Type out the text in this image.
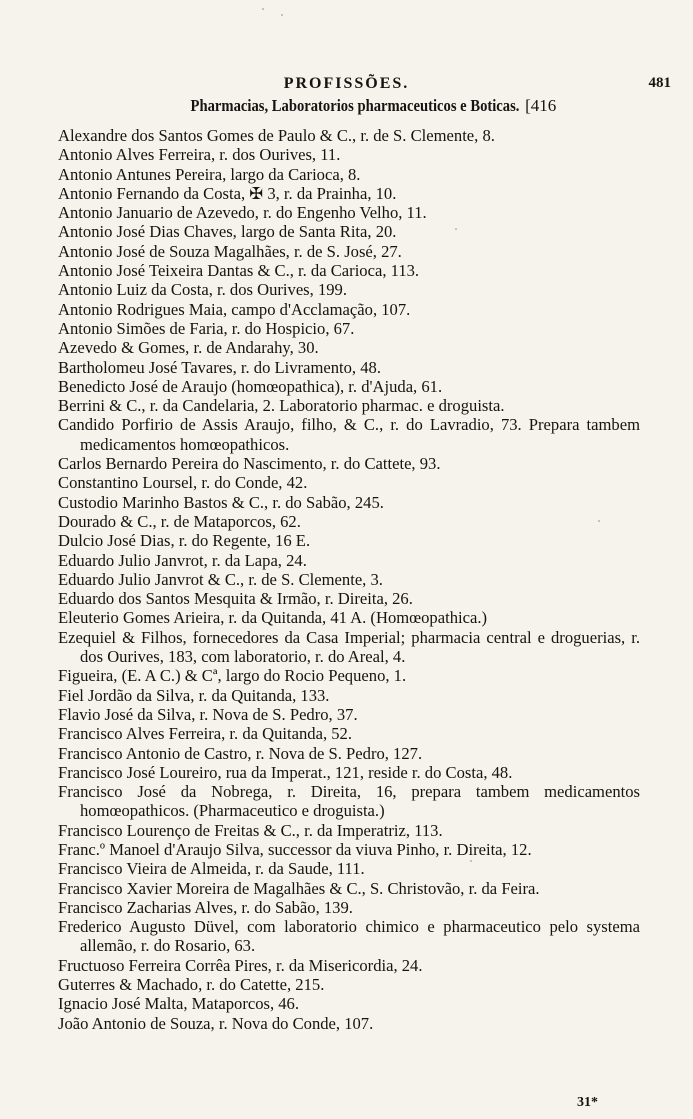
PROFISSÕES.	481
Pharmacias, Laboratorios pharmaceuticos e Boticas. [416
Alexandre dos Santos Gomes de Paulo & C., r. de S. Clemente, 8.
Antonio Alves Ferreira, r. dos Ourives, 11.
Antonio Antunes Pereira, largo da Carioca, 8.
Antonio Fernando da Costa, ✠ 3, r. da Prainha, 10.
Antonio Januario de Azevedo, r. do Engenho Velho, 11.
Antonio José Dias Chaves, largo de Santa Rita, 20.
Antonio José de Souza Magalhães, r. de S. José, 27.
Antonio José Teixeira Dantas & C., r. da Carioca, 113.
Antonio Luiz da Costa, r. dos Ourives, 199.
Antonio Rodrigues Maia, campo d'Acclamação, 107.
Antonio Simões de Faria, r. do Hospicio, 67.
Azevedo & Gomes, r. de Andarahy, 30.
Bartholomeu José Tavares, r. do Livramento, 48.
Benedicto José de Araujo (homœopathica), r. d'Ajuda, 61.
Berrini & C., r. da Candelaria, 2. Laboratorio pharmac. e droguista.
Candido Porfirio de Assis Araujo, filho, & C., r. do Lavradio, 73. Prepara tambem medicamentos homœopathicos.
Carlos Bernardo Pereira do Nascimento, r. do Cattete, 93.
Constantino Loursel, r. do Conde, 42.
Custodio Marinho Bastos & C., r. do Sabão, 245.
Dourado & C., r. de Mataporcos, 62.
Dulcio José Dias, r. do Regente, 16 E.
Eduardo Julio Janvrot, r. da Lapa, 24.
Eduardo Julio Janvrot & C., r. de S. Clemente, 3.
Eduardo dos Santos Mesquita & Irmão, r. Direita, 26.
Eleuterio Gomes Arieira, r. da Quitanda, 41 A. (Homœopathica.)
Ezequiel & Filhos, fornecedores da Casa Imperial; pharmacia central e droguerias, r. dos Ourives, 183, com laboratorio, r. do Areal, 4.
Figueira, (E. A C.) & Cª, largo do Rocio Pequeno, 1.
Fiel Jordão da Silva, r. da Quitanda, 133.
Flavio José da Silva, r. Nova de S. Pedro, 37.
Francisco Alves Ferreira, r. da Quitanda, 52.
Francisco Antonio de Castro, r. Nova de S. Pedro, 127.
Francisco José Loureiro, rua da Imperat., 121, reside r. do Costa, 48.
Francisco José da Nobrega, r. Direita, 16, prepara tambem medicamentos homœopathicos. (Pharmaceutico e droguista.)
Francisco Lourenço de Freitas & C., r. da Imperatriz, 113.
Franc.º Manoel d'Araujo Silva, successor da viuva Pinho, r. Direita, 12.
Francisco Vieira de Almeida, r. da Saude, 111.
Francisco Xavier Moreira de Magalhães & C., S. Christovão, r. da Feira.
Francisco Zacharias Alves, r. do Sabão, 139.
Frederico Augusto Düvel, com laboratorio chimico e pharmaceutico pelo systema allemão, r. do Rosario, 63.
Fructuoso Ferreira Corrêa Pires, r. da Misericordia, 24.
Guterres & Machado, r. do Catette, 215.
Ignacio José Malta, Mataporcos, 46.
João Antonio de Souza, r. Nova do Conde, 107.
31*
